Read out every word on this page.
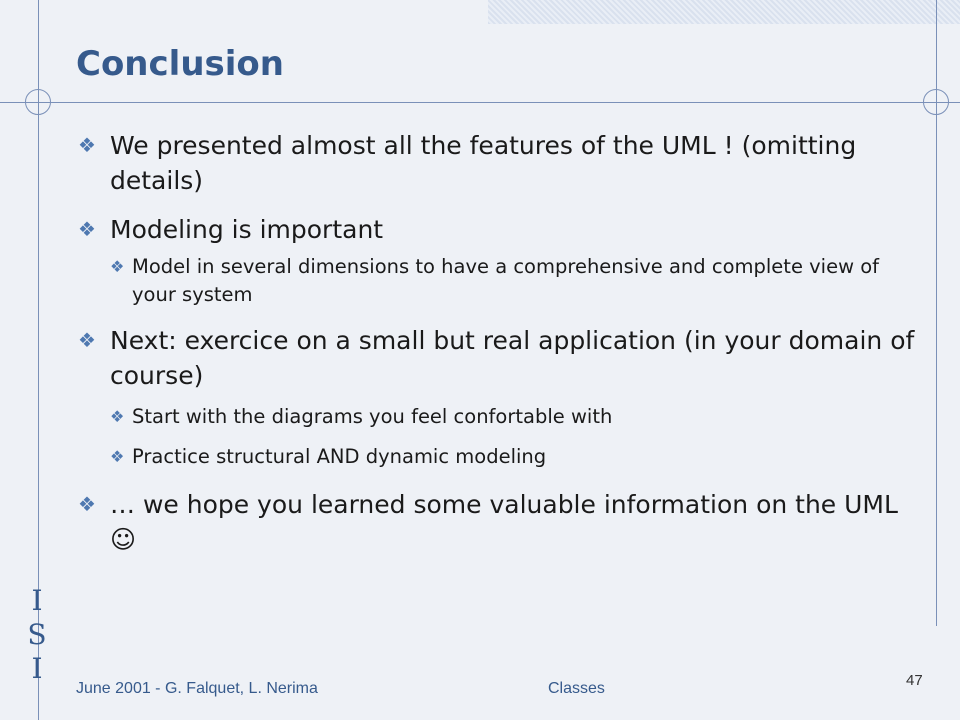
Conclusion
❖ We presented almost all the features of the UML ! (omitting details)
❖ Modeling is important
❖ Model in several dimensions to have a comprehensive and complete view of your system
❖ Next: exercice on a small but real application (in your domain of course)
❖ Start with the diagrams you feel confortable with
❖ Practice structural AND dynamic modeling
❖ … we hope you learned some valuable information on the UML ☺
I
S
I
June 2001 - G. Falquet, L. Nerima	Classes	47
